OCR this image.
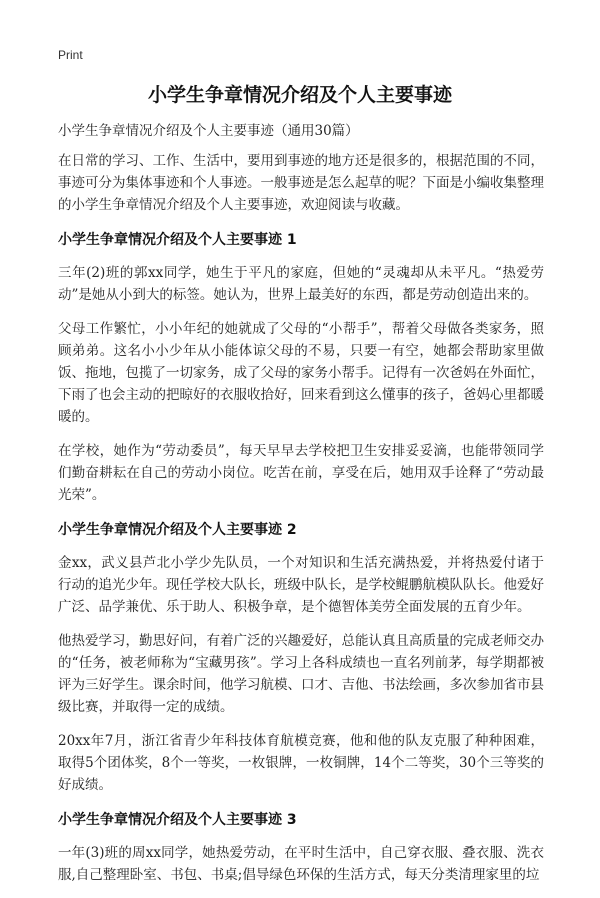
Print
小学生争章情况介绍及个人主要事迹
小学生争章情况介绍及个人主要事迹（通用30篇）

在日常的学习、工作、生活中，要用到事迹的地方还是很多的，根据范围的不同，事迹可分为集体事迹和个人事迹。一般事迹是怎么起草的呢？下面是小编收集整理的小学生争章情况介绍及个人主要事迹，欢迎阅读与收藏。

小学生争章情况介绍及个人主要事迹 1

三年(2)班的郭xx同学，她生于平凡的家庭，但她的“灵魂却从未平凡。“热爱劳动”是她从小到大的标签。她认为，世界上最美好的东西，都是劳动创造出来的。

父母工作繁忙，小小年纪的她就成了父母的“小帮手”，帮着父母做各类家务，照顾弟弟。这名小小少年从小能体谅父母的不易，只要一有空，她都会帮助家里做饭、拖地，包揽了一切家务，成了父母的家务小帮手。记得有一次爸妈在外面忙，下雨了也会主动的把晾好的衣服收拾好，回来看到这么懂事的孩子，爸妈心里都暖暖的。

在学校，她作为“劳动委员”，每天早早去学校把卫生安排妥妥滴，也能带领同学们勤奋耕耘在自己的劳动小岗位。吃苦在前，享受在后，她用双手诠释了“劳动最光荣”。

小学生争章情况介绍及个人主要事迹 2

金xx，武义县芦北小学少先队员，一个对知识和生活充满热爱，并将热爱付诸于行动的追光少年。现任学校大队长，班级中队长，是学校鲲鹏航模队队长。他爱好广泛、品学兼优、乐于助人、积极争章，是个德智体美劳全面发展的五育少年。

他热爱学习，勤思好问，有着广泛的兴趣爱好，总能认真且高质量的完成老师交办的“任务，被老师称为“宝藏男孩”。学习上各科成绩也一直名列前茅，每学期都被评为三好学生。课余时间，他学习航模、口才、吉他、书法绘画，多次参加省市县级比赛，并取得一定的成绩。

20xx年7月，浙江省青少年科技体育航模竞赛，他和他的队友克服了种种困难，取得5个团体奖，8个一等奖，一枚银牌，一枚铜牌，14个二等奖，30个三等奖的好成绩。

小学生争章情况介绍及个人主要事迹 3

一年(3)班的周xx同学，她热爱劳动，在平时生活中，自己穿衣服、叠衣服、洗衣服,自己整理卧室、书包、书桌;倡导绿色环保的生活方式，每天分类清理家里的垃
